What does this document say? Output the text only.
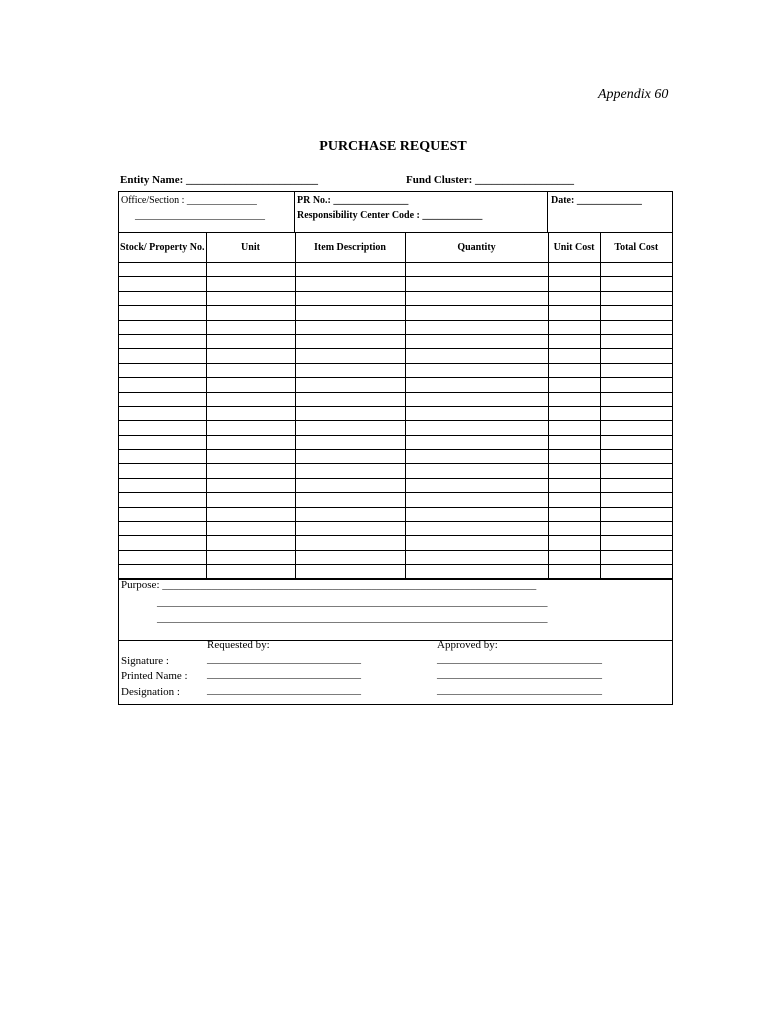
Appendix 60
PURCHASE REQUEST
Entity Name: ________________________	Fund Cluster: __________________
Office/Section : ______________
__________________________
PR No.: _______________
Responsibility Center Code : ____________
Date: _____________
Stock/ Property No.	Unit	Item Description	Quantity	Unit Cost	Total Cost

Purpose: ____________________________________________________________________
_______________________________________________________________________
_______________________________________________________________________
Requested by:	Approved by:
Signature :	____________________________	______________________________
Printed Name : ____________________________	______________________________
Designation : ____________________________	______________________________
